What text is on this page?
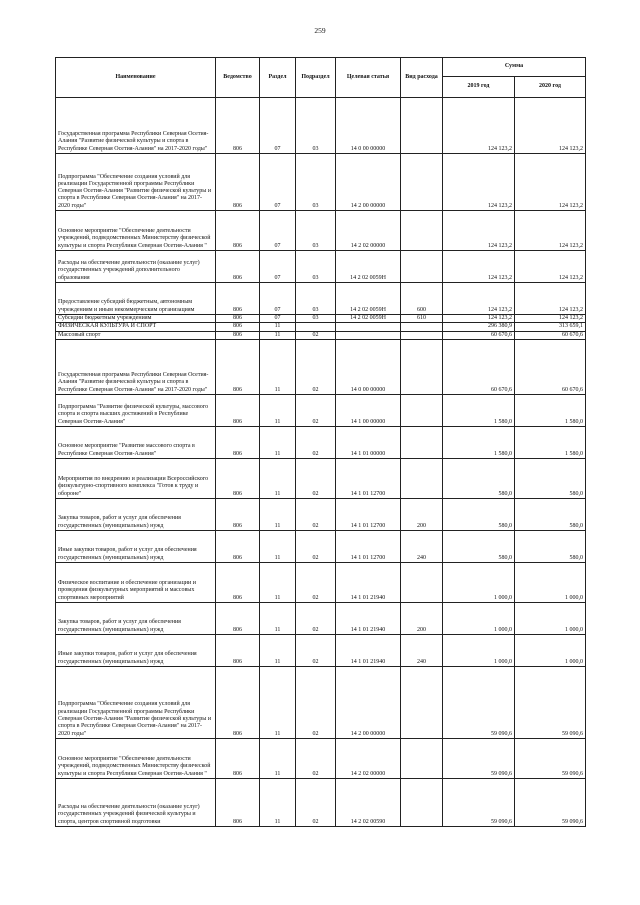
259
Наименование	Ведомство	Раздел	Подраздел	Целевая статья	Вид расхода	Сумма	
						2019 год	2020 год
Государственная программа Республики Северная Осетия-Алания "Развитие физической культуры и спорта в Республике Северная Осетия-Алания" на 2017-2020 годы"	806	07	03	14 0 00 00000		124 123,2	124 123,2
Подпрограмма "Обеспечение создания условий для реализации Государственной программы Республики Северная Осетия-Алания "Развитие физической культуры и спорта в Республике Северная Осетия-Алания" на 2017-2020 годы"	806	07	03	14 2 00 00000		124 123,2	124 123,2
Основное мероприятие "Обеспечение деятельности учреждений, подведомственных Министерству физической культуры и спорта Республики Северная Осетия-Алания "	806	07	03	14 2 02 00000		124 123,2	124 123,2
Расходы на обеспечение деятельности (оказание услуг) государственных учреждений дополнительного образования	806	07	03	14 2 02 0059Н		124 123,2	124 123,2
Предоставление субсидий бюджетным, автономным учреждениям и иным некоммерческим организациям	806	07	03	14 2 02 0059Н	600	124 123,2	124 123,2
Субсидии бюджетным учреждениям	806	07	03	14 2 02 0059Н	610	124 123,2	124 123,2
ФИЗИЧЕСКАЯ КУЛЬТУРА И СПОРТ	806	11				296 380,9	313 659,1
Массовый спорт	806	11	02			60 670,6	60 670,6
Государственная программа Республики Северная Осетия-Алания "Развитие физической культуры и спорта в Республике Северная Осетия-Алания" на 2017-2020 годы"	806	11	02	14 0 00 00000		60 670,6	60 670,6
Подпрограмма "Развитие физической культуры, массового спорта и спорта высших достижений в Республике Северная Осетия-Алания"	806	11	02	14 1 00 00000		1 580,0	1 580,0
Основное мероприятие "Развитие массового спорта в Республике Северная Осетия-Алания"	806	11	02	14 1 01 00000		1 580,0	1 580,0
Мероприятия по внедрению и реализации Всероссийского физкультурно-спортивного комплекса "Готов к труду и обороне"	806	11	02	14 1 01 12700		580,0	580,0
Закупка товаров, работ и услуг для обеспечения государственных (муниципальных) нужд	806	11	02	14 1 01 12700	200	580,0	580,0
Иные закупки товаров, работ и услуг для обеспечения государственных (муниципальных) нужд	806	11	02	14 1 01 12700	240	580,0	580,0
Физическое воспитание и обеспечение организации и проведения физкультурных мероприятий и массовых спортивных мероприятий	806	11	02	14 1 01 21940		1 000,0	1 000,0
Закупка товаров, работ и услуг для обеспечения государственных (муниципальных) нужд	806	11	02	14 1 01 21940	200	1 000,0	1 000,0
Иные закупки товаров, работ и услуг для обеспечения государственных (муниципальных) нужд	806	11	02	14 1 01 21940	240	1 000,0	1 000,0
Подпрограмма "Обеспечение создания условий для реализации Государственной программы Республики Северная Осетия-Алания "Развитие физической культуры и спорта в Республике Северная Осетия-Алания" на 2017-2020 годы"	806	11	02	14 2 00 00000		59 090,6	59 090,6
Основное мероприятие "Обеспечение деятельности учреждений, подведомственных Министерству физической культуры и спорта Республики Северная Осетия-Алания "	806	11	02	14 2 02 00000		59 090,6	59 090,6
Расходы на обеспечение деятельности (оказание услуг) государственных учреждений физической культуры и спорта, центров спортивной подготовки	806	11	02	14 2 02 00590		59 090,6	59 090,6
